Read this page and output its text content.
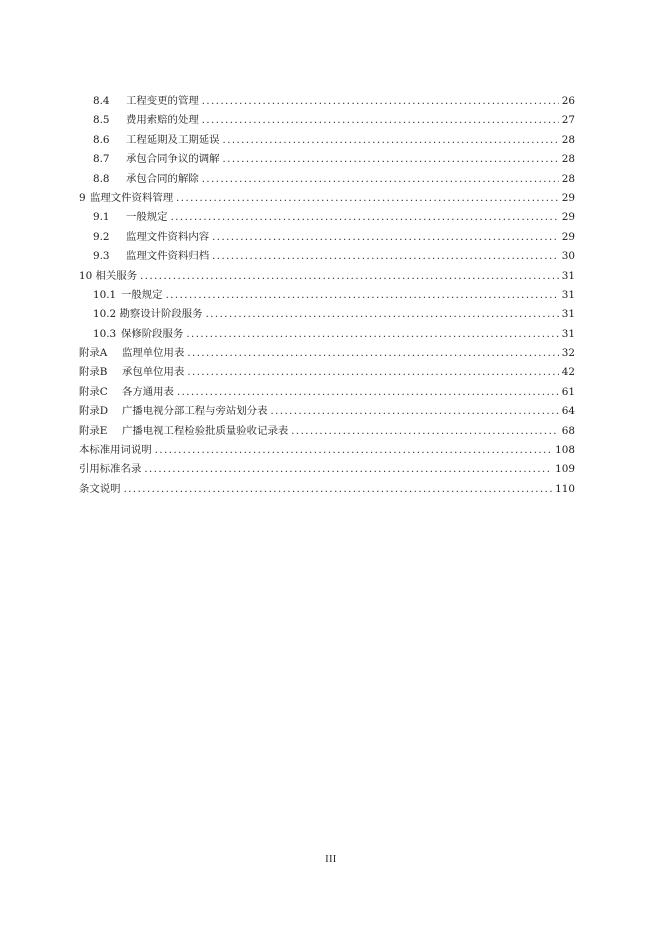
8.4	工程变更的管理 .....	26
8.5	费用索赔的处理 .....	27
8.6	工程延期及工期延误 .....	28
8.7	承包合同争议的调解 .....	28
8.8	承包合同的解除 .....	28
9 监理文件资料管理 .....	29
9.1	一般规定 .....	29
9.2	监理文件资料内容 .....	29
9.3	监理文件资料归档 .....	30
10 相关服务 .....	31
10.1 一般规定 .....	31
10.2 勘察设计阶段服务 .....	31
10.3 保修阶段服务 .....	31
附录A	监理单位用表 .....	32
附录B	承包单位用表 .....	42
附录C	各方通用表 .....	61
附录D	广播电视分部工程与旁站划分表 .....	64
附录E	广播电视工程检验批质量验收记录表 .....	68
本标准用词说明 .....	108
引用标准名录 .....	109
条文说明 .....	110
III
